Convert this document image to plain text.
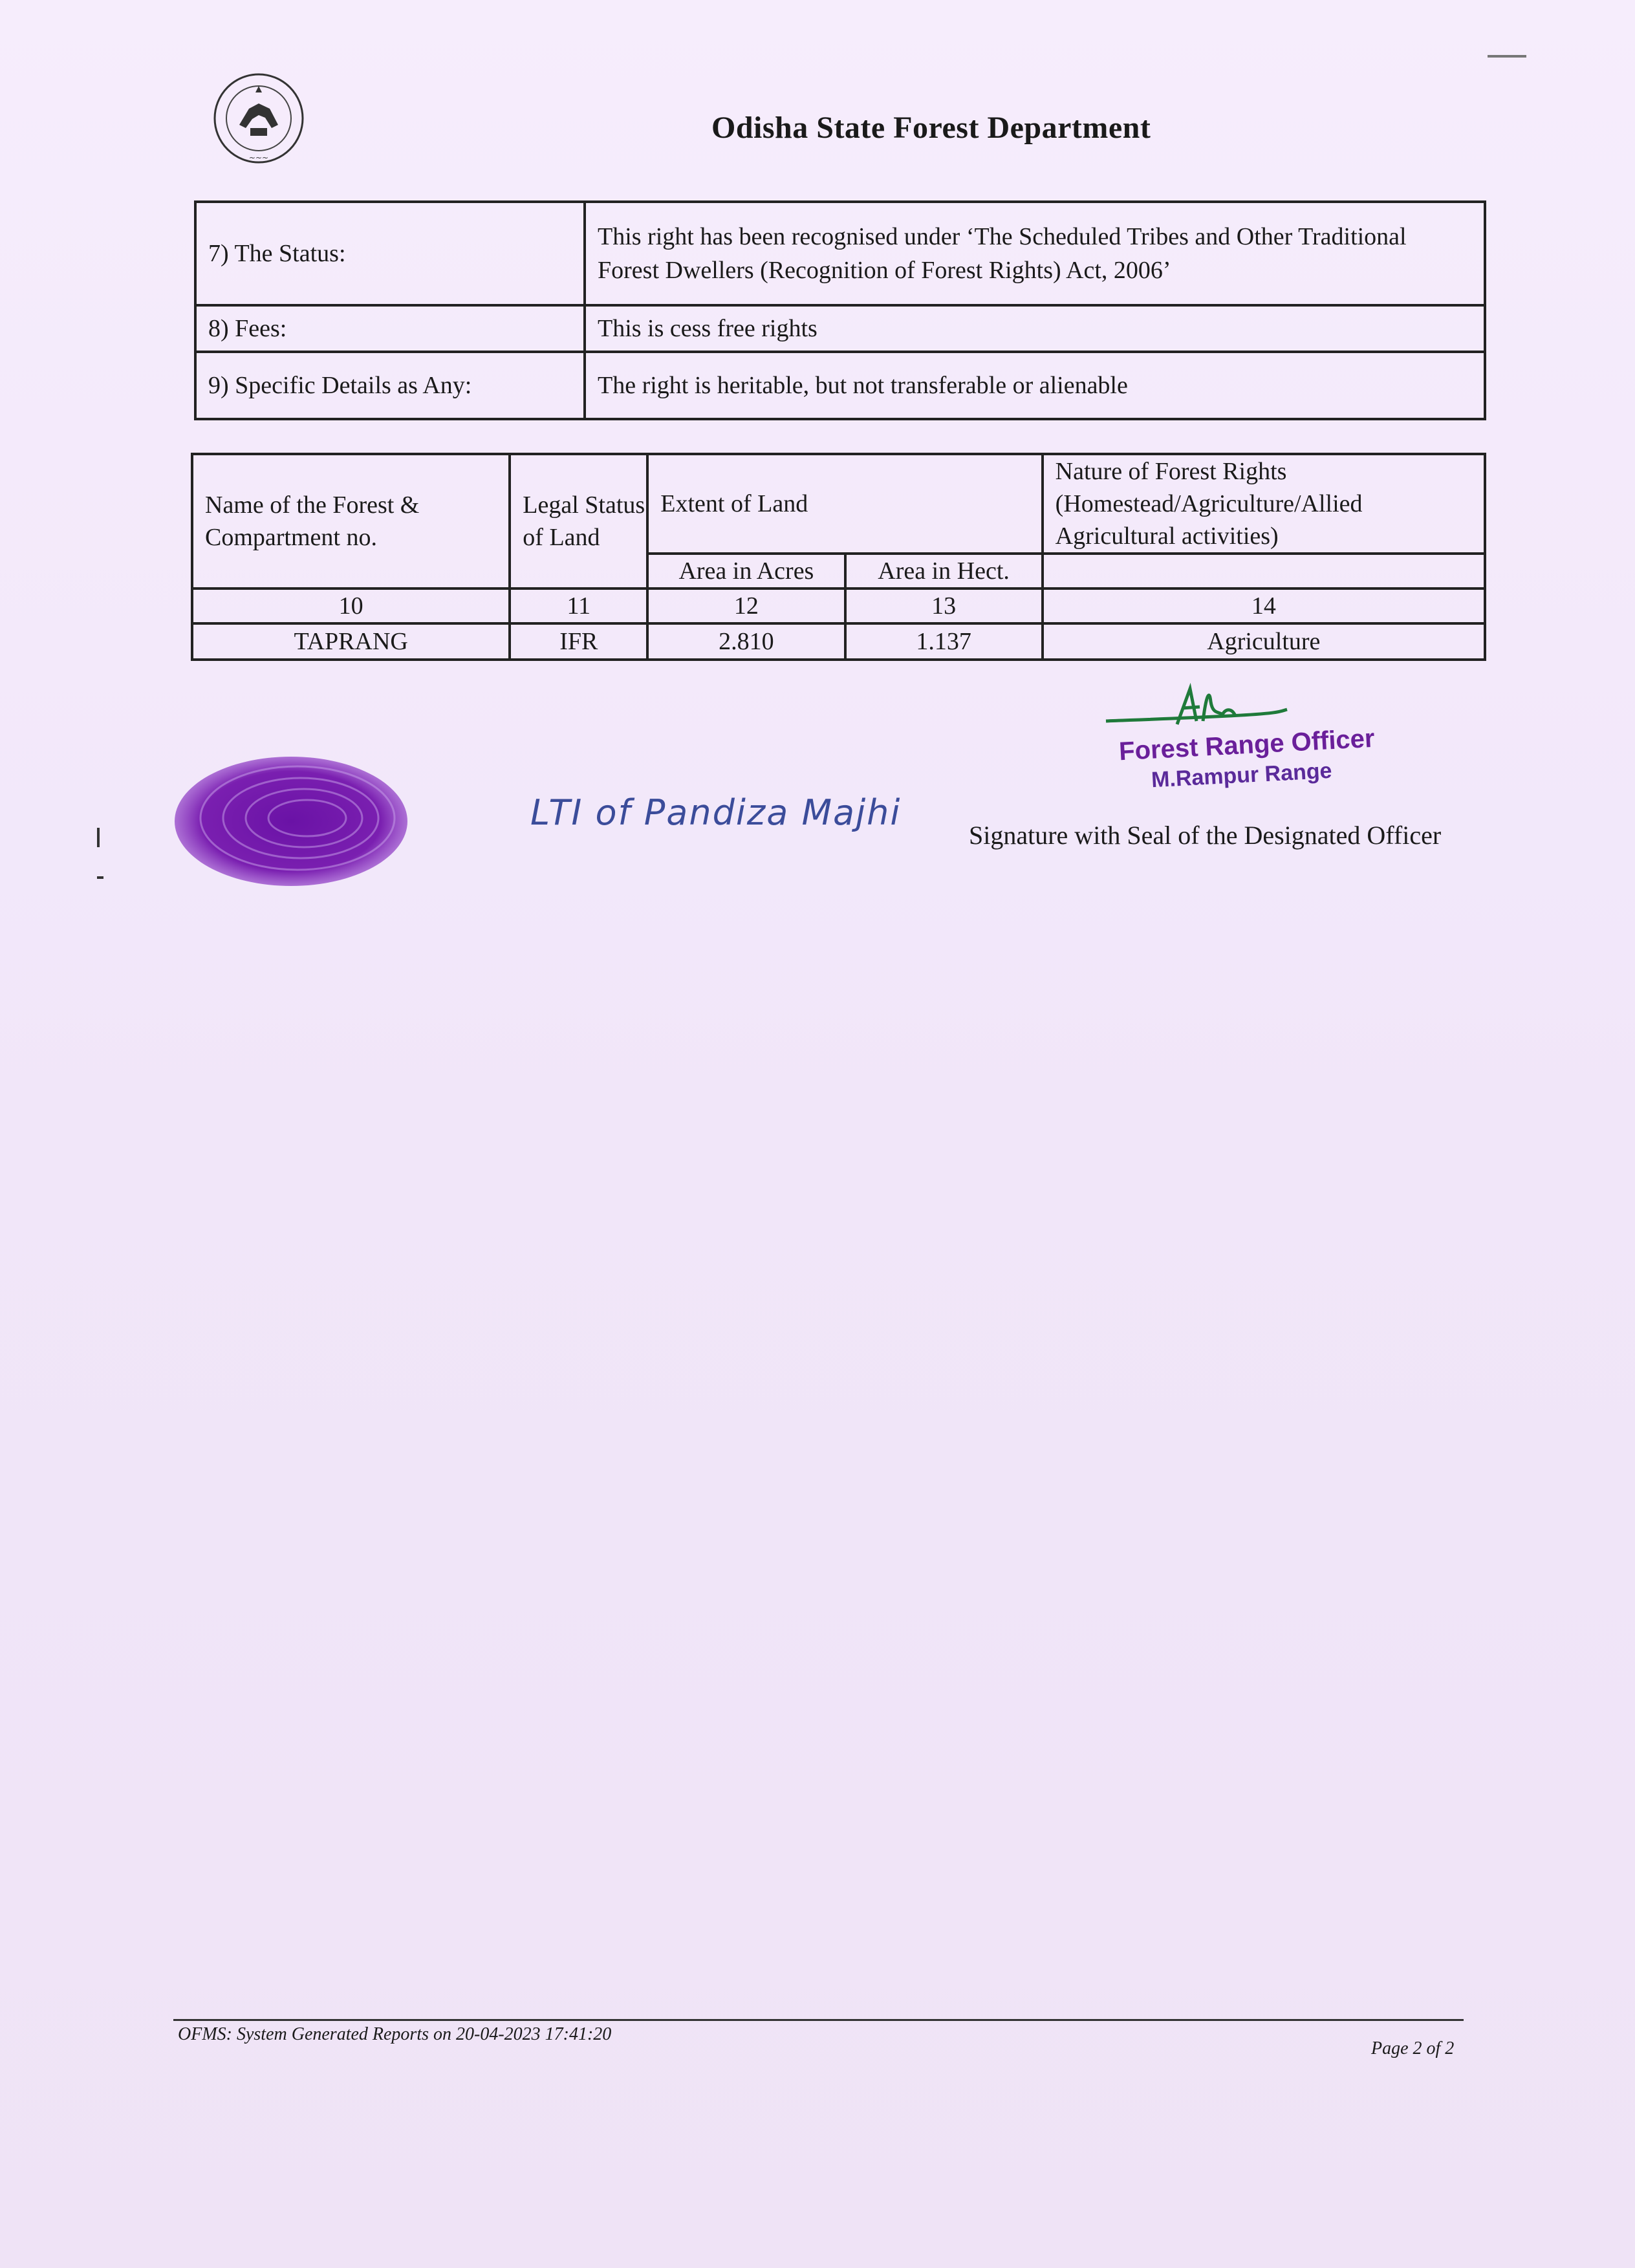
~~~
Odisha State Forest Department
7) The Status:	This right has been recognised under ‘The Scheduled Tribes and Other Traditional
Forest Dwellers (Recognition of Forest Rights) Act, 2006’

8) Fees:	This is cess free rights
9) Specific Details as Any:	The right is heritable, but not transferable or alienable
Name of the Forest & Compartment no.	Legal Status of Land	Extent of Land		Nature of Forest Rights (Homestead/Agriculture/Allied Agricultural activities)
		Area in Acres	Area in Hect.	
10	11	12	13	14
TAPRANG	IFR	2.810	1.137	Agriculture
Forest Range Officer
M.Rampur Range
LTI of Pandiza Majhi
Signature with Seal of the Designated Officer
OFMS: System Generated Reports on 20-04-2023 17:41:20
Page 2 of 2
